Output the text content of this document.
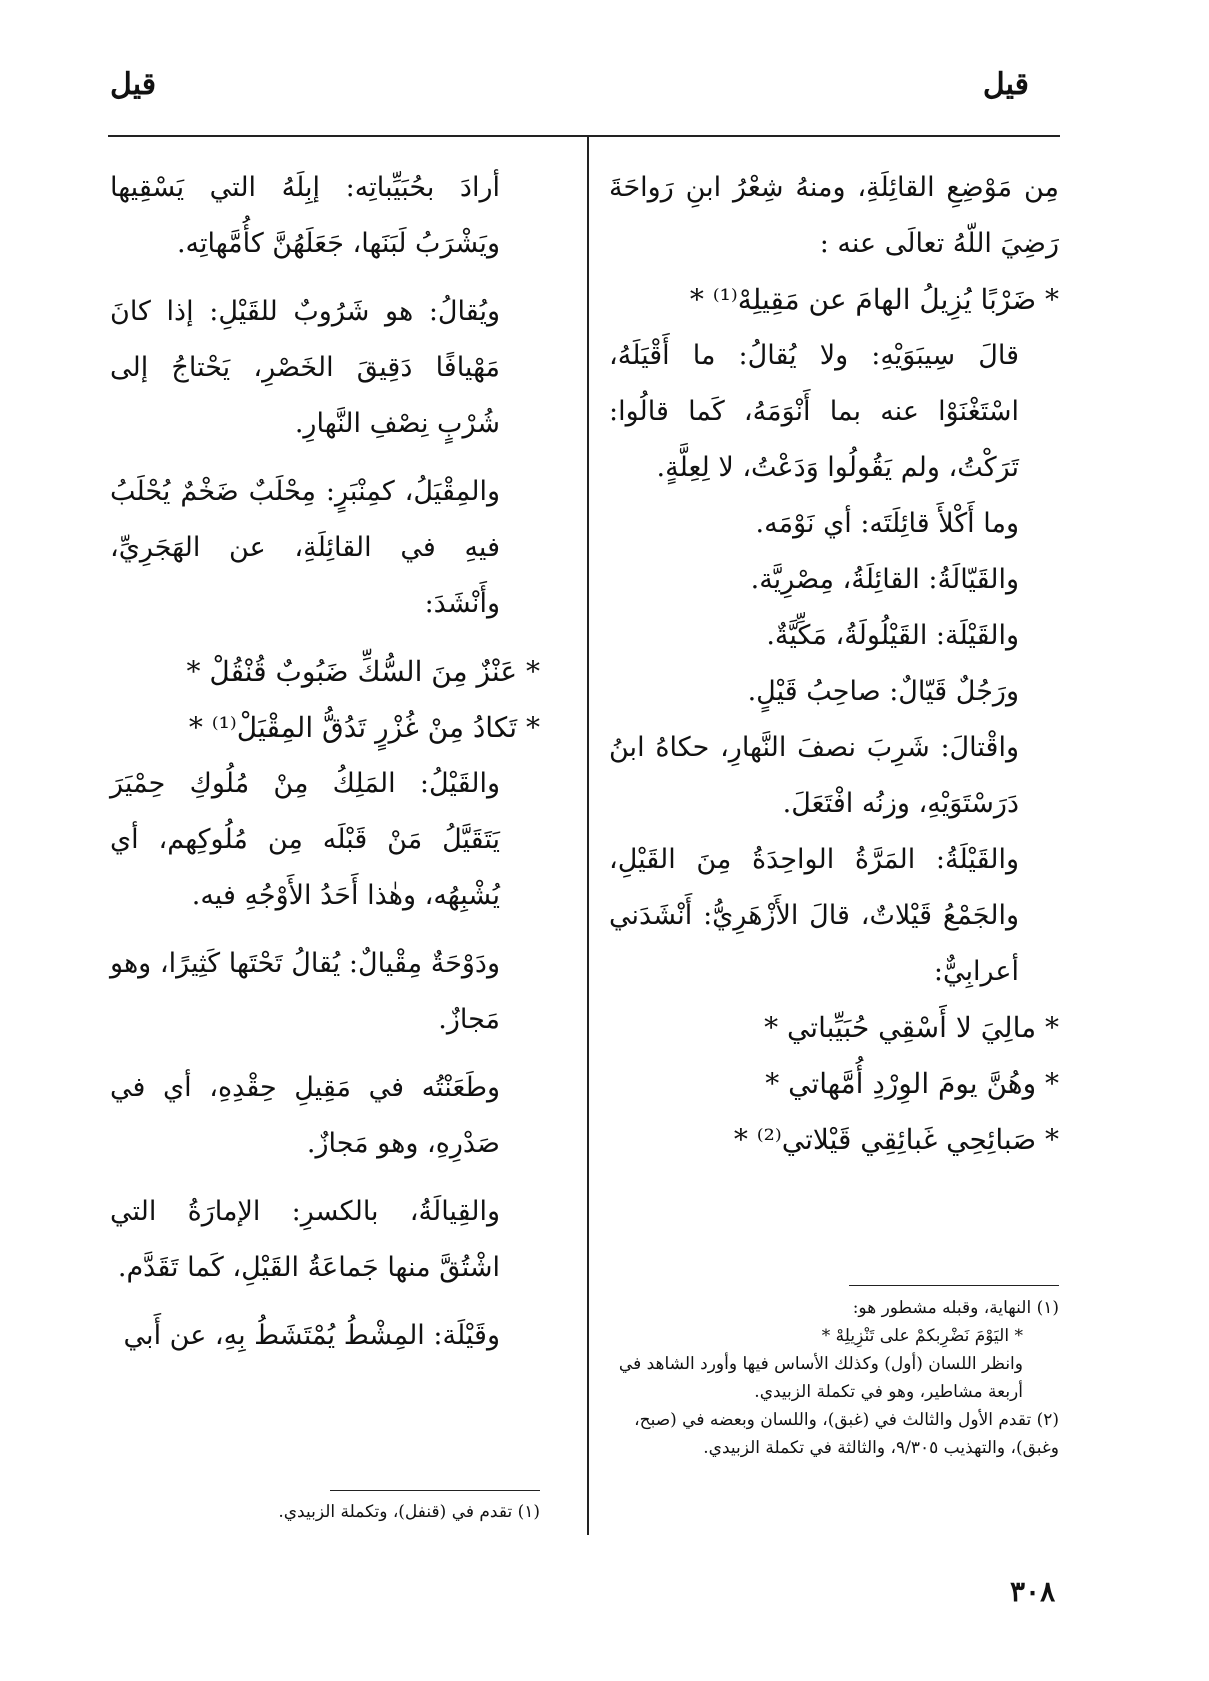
قيل
قيل

مِن مَوْضِعِ القائِلَةِ، ومنهُ شِعْرُ ابنِ رَواحَةَ رَضِيَ اللّهُ تعالَى عنه :

* ضَرْبًا يُزِيلُ الهامَ عن مَقِيلِهْ⁽¹⁾ *

قالَ سِيبَوَيْهِ: ولا يُقالُ: ما أَقْيَلَهُ، اسْتَغْنَوْا عنه بما أَنْوَمَهُ، كَما قالُوا: تَرَكْتُ، ولم يَقُولُوا وَدَعْتُ، لا لِعِلَّةٍ.

وما أَكْلأَ قائِلَتَه: أي نَوْمَه.

والقَيّالَةُ: القائِلَةُ، مِصْرِيَّة.

والقَيْلَة: القَيْلُولَةُ، مَكِّيَّةٌ.

ورَجُلٌ قَيّالٌ: صاحِبُ قَيْلٍ.

واقْتالَ: شَرِبَ نصفَ النَّهارِ، حكاهُ ابنُ دَرَسْتَوَيْهِ، وزنُه افْتَعَلَ.

والقَيْلَةُ: المَرَّةُ الواحِدَةُ مِنَ القَيْلِ، والجَمْعُ قَيْلاتٌ، قالَ الأَزْهَرِيُّ: أَنْشَدَني أعرابِيٌّ:

* مالِيَ لا أَسْقِي حُبَيِّباتي *

* وهُنَّ يومَ الوِرْدِ أُمَّهاتي *

* صَبائِحِي غَبائِقِي قَيْلاتي⁽²⁾ *

أرادَ بحُبَيِّباتِه: إبِلَهُ التي يَسْقِيها ويَشْرَبُ لَبَنَها، جَعَلَهُنَّ كأُمَّهاتِه.

ويُقالُ: هو شَرُوبٌ للقَيْلِ: إذا كانَ مَهْيافًا دَقِيقَ الخَصْرِ، يَحْتاجُ إلى شُرْبٍ نِصْفِ النَّهارِ.

والمِقْيَلُ، كمِنْبَرٍ: مِحْلَبٌ ضَخْمٌ يُحْلَبُ فيهِ في القائِلَةِ، عن الهَجَرِيِّ، وأَنْشَدَ:

* عَنْزٌ مِنَ السُّكِّ ضَبُوبٌ قُنْقُلْ *

* تَكادُ مِنْ غُزْرٍ تَدُقُّ المِقْيَلْ⁽¹⁾ *

والقَيْلُ: المَلِكُ مِنْ مُلُوكِ حِمْيَرَ يَتَقَيَّلُ مَنْ قَبْلَه مِن مُلُوكِهم، أي يُشْبِهُه، وهٰذا أَحَدُ الأَوْجُهِ فيه.

ودَوْحَةٌ مِقْيالٌ: يُقالُ تَحْتَها كَثِيرًا، وهو مَجازٌ.

وطَعَنْتُه في مَقِيلِ حِقْدِهِ، أي في صَدْرِهِ، وهو مَجازٌ.

والقِيالَةُ، بالكسرِ: الإمارَةُ التي اشْتُقَّ منها جَماعَةُ القَيْلِ، كَما تَقَدَّم.

وقَيْلَة: المِشْطُ يُمْتَشَطُ بِهِ، عن أَبي

(١) النهاية، وقبله مشطور هو:

* اليَوْمَ نَضْرِبكمْ على تَنْزِيلِهْ *

وانظر اللسان (أول) وكذلك الأساس فيها وأورد الشاهد في أربعة مشاطير، وهو في تكملة الزبيدي.

(٢) تقدم الأول والثالث في (غبق)، واللسان وبعضه في (صبح، وغبق)، والتهذيب ٩/٣٠٥، والثالثة في تكملة الزبيدي.

(١) تقدم في (قنفل)، وتكملة الزبيدي.

٣٠٨
